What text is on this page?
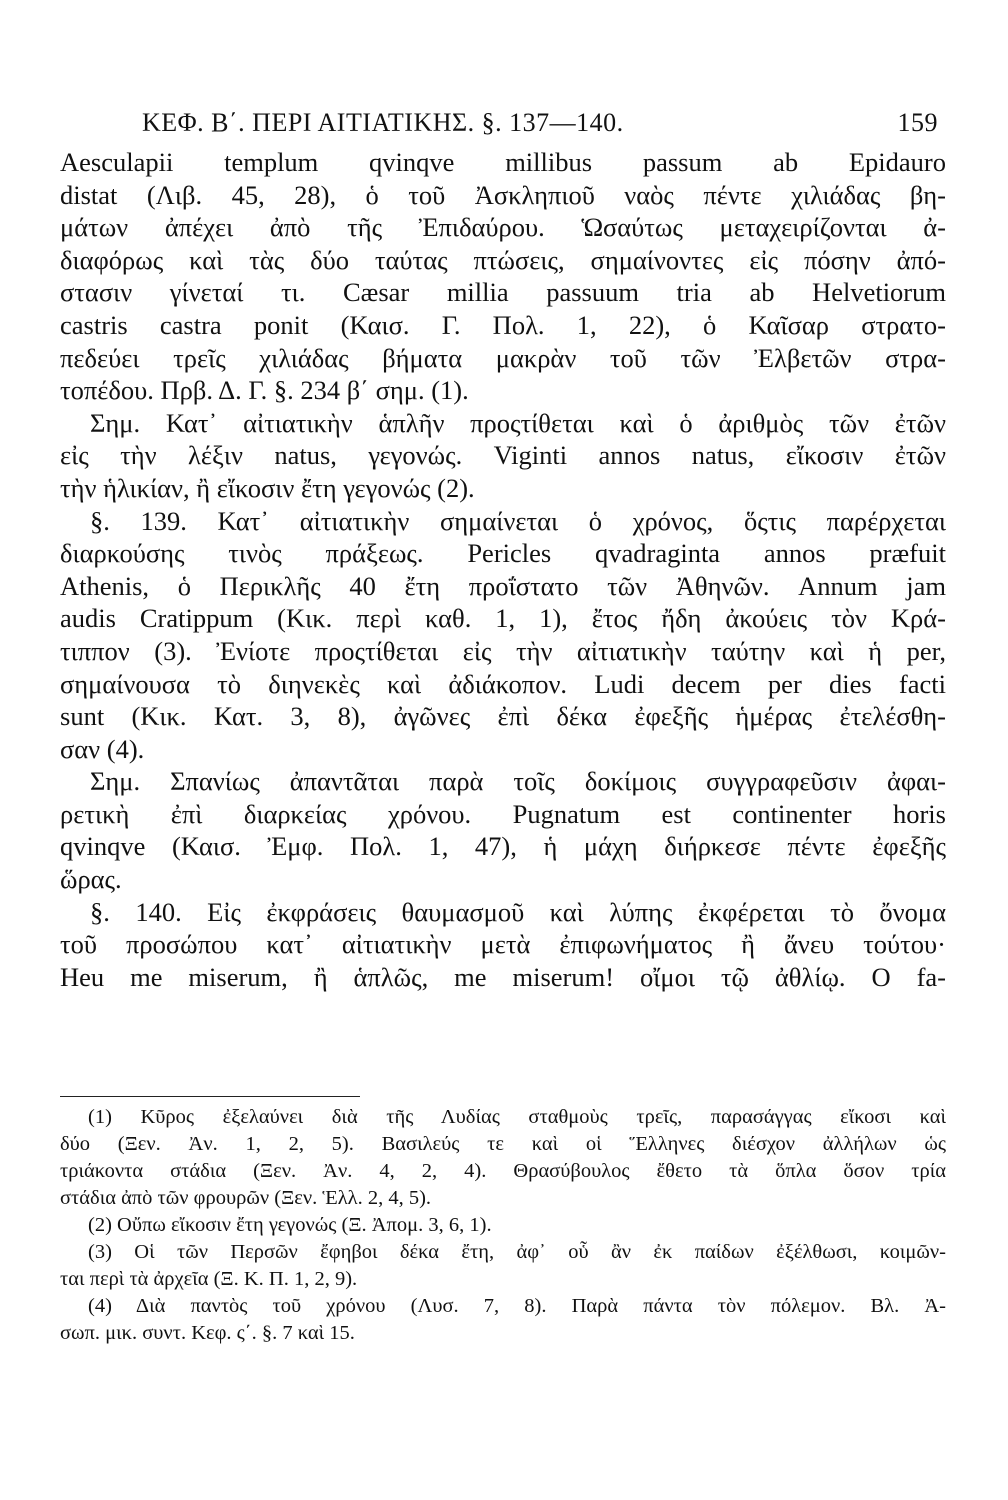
ΚΕΦ. Β΄. ΠΕΡΙ ΑΙΤΙΑΤΙΚΗΣ. §. 137—140.	159
Aesculapii templum qvinqve millibus passum ab Epidauro
distat (Λιβ. 45, 28), ὁ τοῦ Ἀσκληπιοῦ ναὸς πέντε χιλιάδας βη-
μάτων ἀπέχει ἀπὸ τῆς Ἐπιδαύρου. Ὡσαύτως μεταχειρίζονται ἀ-
διαφόρως καὶ τὰς δύο ταύτας πτώσεις, σημαίνοντες εἰς πόσην ἀπό-
στασιν γίνεταί τι. Cæsar millia passuum tria ab Helvetiorum
castris castra ponit (Καισ. Γ. Πολ. 1, 22), ὁ Καῖσαρ στρατο-
πεδεύει τρεῖς χιλιάδας βήματα μακρὰν τοῦ τῶν Ἐλβετῶν στρα-
τοπέδου. Πρβ. Δ. Γ. §. 234 β΄ σημ. (1).
Σημ. Κατ᾽ αἰτιατικὴν ἁπλῆν προςτίθεται καὶ ὁ ἀριθμὸς τῶν ἐτῶν
εἰς τὴν λέξιν natus, γεγονώς. Viginti annos natus, εἴκοσιν ἐτῶν
τὴν ἡλικίαν, ἢ εἴκοσιν ἔτη γεγονώς (2).
§. 139. Κατ᾽ αἰτιατικὴν σημαίνεται ὁ χρόνος, ὅςτις παρέρχεται
διαρκούσης τινὸς πράξεως. Pericles qvadraginta annos præfuit
Athenis, ὁ Περικλῆς 40 ἔτη προΐστατο τῶν Ἀθηνῶν. Annum jam
audis Cratippum (Κικ. περὶ καθ. 1, 1), ἔτος ἤδη ἀκούεις τὸν Κρά-
τιππον (3). Ἐνίοτε προςτίθεται εἰς τὴν αἰτιατικὴν ταύτην καὶ ἡ per,
σημαίνουσα τὸ διηνεκὲς καὶ ἀδιάκοπον. Ludi decem per dies facti
sunt (Κικ. Κατ. 3, 8), ἀγῶνες ἐπὶ δέκα ἐφεξῆς ἡμέρας ἐτελέσθη-
σαν (4).
Σημ. Σπανίως ἀπαντᾶται παρὰ τοῖς δοκίμοις συγγραφεῦσιν ἀφαι-
ρετικὴ ἐπὶ διαρκείας χρόνου. Pugnatum est continenter horis
qvinqve (Καισ. Ἐμφ. Πολ. 1, 47), ἡ μάχη διήρκεσε πέντε ἐφεξῆς
ὥρας.
§. 140. Εἰς ἐκφράσεις θαυμασμοῦ καὶ λύπης ἐκφέρεται τὸ ὄνομα
τοῦ προσώπου κατ᾽ αἰτιατικὴν μετὰ ἐπιφωνήματος ἢ ἄνευ τούτου·
Heu me miserum, ἢ ἁπλῶς, me miserum! οἴμοι τῷ ἀθλίῳ. O fa-
(1) Κῦρος ἐξελαύνει διὰ τῆς Λυδίας σταθμοὺς τρεῖς, παρασάγγας εἴκοσι καὶ
δύο (Ξεν. Ἀν. 1, 2, 5). Βασιλεύς τε καὶ οἱ Ἕλληνες διέσχον ἀλλήλων ὡς
τριάκοντα στάδια (Ξεν. Ἀν. 4, 2, 4). Θρασύβουλος ἔθετο τὰ ὅπλα ὅσον τρία
στάδια ἀπὸ τῶν φρουρῶν (Ξεν. Ἑλλ. 2, 4, 5).
(2) Οὔπω εἴκοσιν ἔτη γεγονώς (Ξ. Ἀπομ. 3, 6, 1).
(3) Οἱ τῶν Περσῶν ἔφηβοι δέκα ἔτη, ἀφ᾽ οὗ ἂν ἐκ παίδων ἐξέλθωσι, κοιμῶν-
ται περὶ τὰ ἀρχεῖα (Ξ. Κ. Π. 1, 2, 9).
(4) Διὰ παντὸς τοῦ χρόνου (Λυσ. 7, 8). Παρὰ πάντα τὸν πόλεμον. Βλ. Ἀ-
σωπ. μικ. συντ. Κεφ. ς΄. §. 7 καὶ 15.
